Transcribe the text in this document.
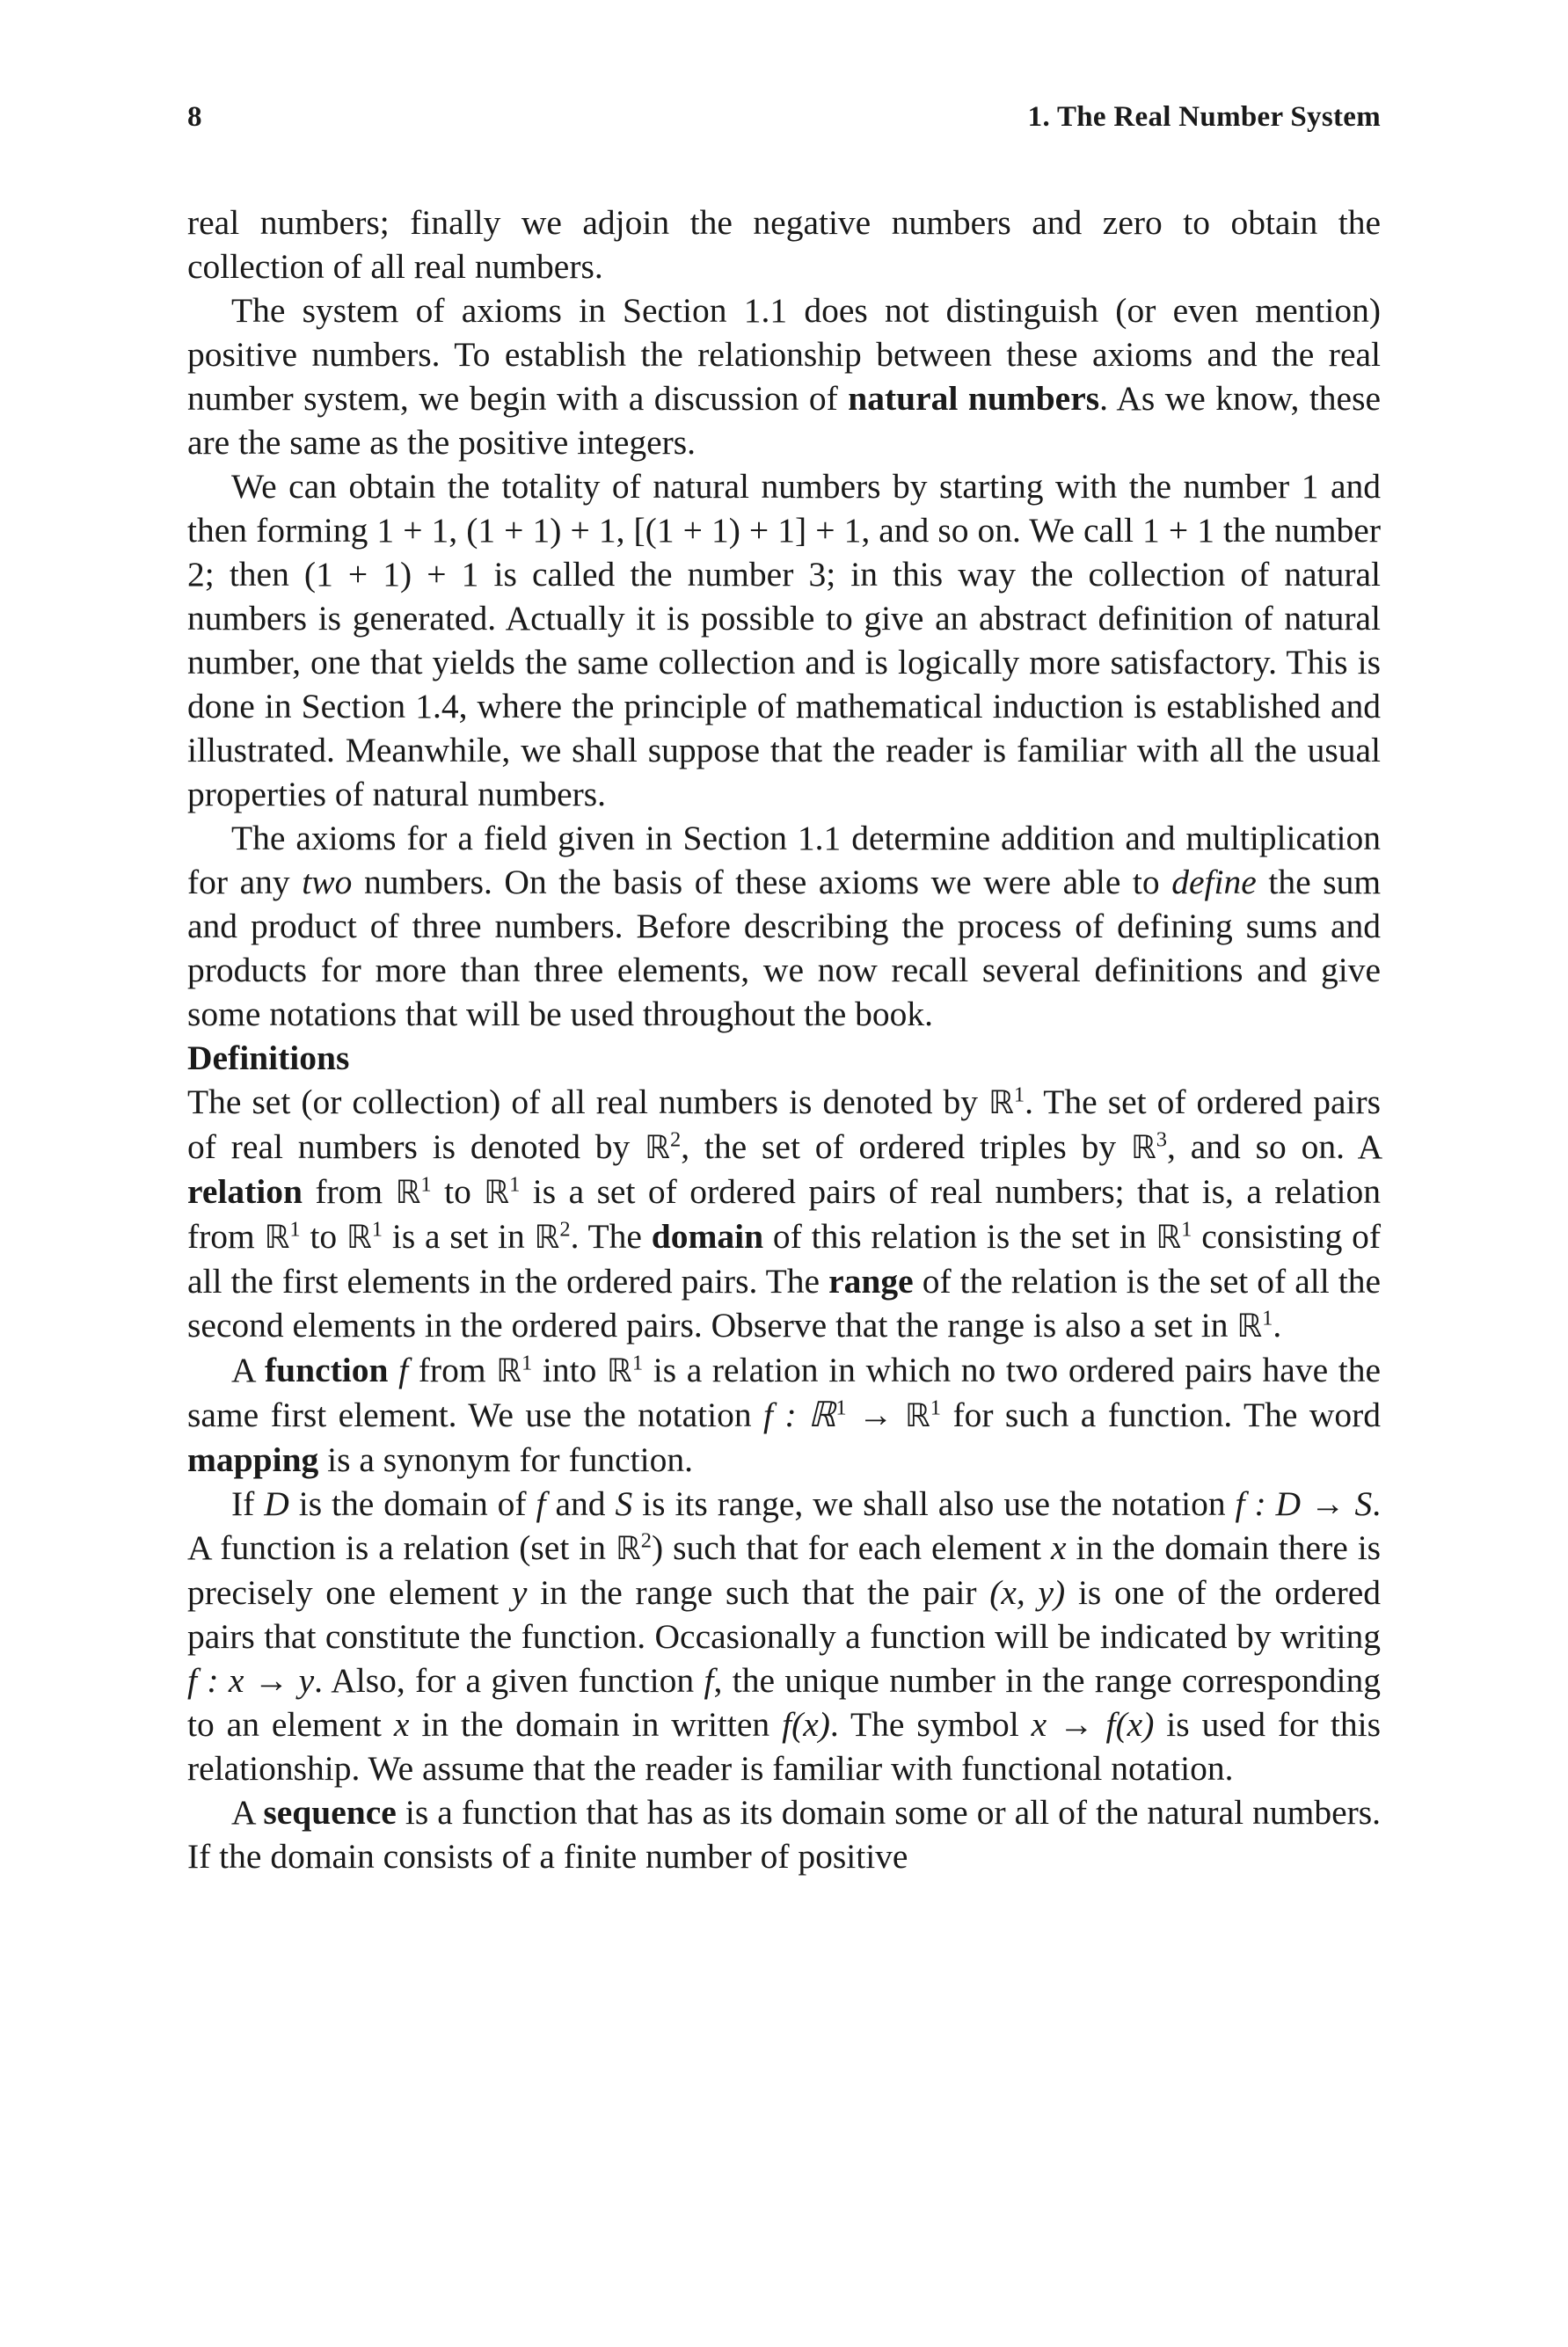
8	1. The Real Number System

real numbers; finally we adjoin the negative numbers and zero to obtain the collection of all real numbers.

The system of axioms in Section 1.1 does not distinguish (or even mention) positive numbers. To establish the relationship between these axioms and the real number system, we begin with a discussion of natural numbers. As we know, these are the same as the positive integers.

We can obtain the totality of natural numbers by starting with the number 1 and then forming 1 + 1, (1 + 1) + 1, [(1 + 1) + 1] + 1, and so on. We call 1 + 1 the number 2; then (1 + 1) + 1 is called the number 3; in this way the collection of natural numbers is generated. Actually it is possible to give an abstract definition of natural number, one that yields the same collection and is logically more satisfactory. This is done in Section 1.4, where the principle of mathematical induction is established and illustrated. Meanwhile, we shall suppose that the reader is familiar with all the usual properties of natural numbers.

The axioms for a field given in Section 1.1 determine addition and multiplication for any two numbers. On the basis of these axioms we were able to define the sum and product of three numbers. Before describing the process of defining sums and products for more than three elements, we now recall several definitions and give some notations that will be used throughout the book.

Definitions

The set (or collection) of all real numbers is denoted by ℝ$^1$. The set of ordered pairs of real numbers is denoted by ℝ$^2$, the set of ordered triples by ℝ$^3$, and so on. A relation from ℝ$^1$ to ℝ$^1$ is a set of ordered pairs of real numbers; that is, a relation from ℝ$^1$ to ℝ$^1$ is a set in ℝ$^2$. The domain of this relation is the set in ℝ$^1$ consisting of all the first elements in the ordered pairs. The range of the relation is the set of all the second elements in the ordered pairs. Observe that the range is also a set in ℝ$^1$.

A function f from ℝ$^1$ into ℝ$^1$ is a relation in which no two ordered pairs have the same first element. We use the notation f : ℝ$^1$ → ℝ$^1$ for such a function. The word mapping is a synonym for function.

If D is the domain of f and S is its range, we shall also use the notation f : D → S. A function is a relation (set in ℝ$^2$) such that for each element x in the domain there is precisely one element y in the range such that the pair (x, y) is one of the ordered pairs that constitute the function. Occasionally a function will be indicated by writing f : x → y. Also, for a given function f, the unique number in the range corresponding to an element x in the domain in written f(x). The symbol x → f(x) is used for this relationship. We assume that the reader is familiar with functional notation.

A sequence is a function that has as its domain some or all of the natural numbers. If the domain consists of a finite number of positive
